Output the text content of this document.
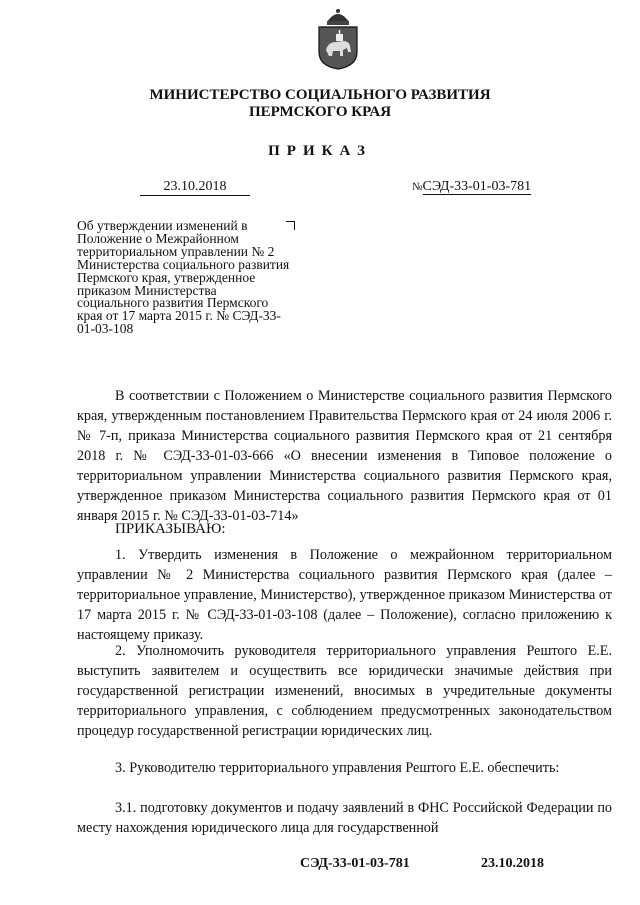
МИНИСТЕРСТВО СОЦИАЛЬНОГО РАЗВИТИЯ
ПЕРМСКОГО КРАЯ
ПРИКАЗ
23.10.2018	№СЭД-33-01-03-781
Об утверждении изменений в Положение о Межрайонном территориальном управлении № 2 Министерства социального развития Пермского края, утвержденное приказом Министерства социального развития Пермского края от 17 марта 2015 г. № СЭД-33-01-03-108
В соответствии с Положением о Министерстве социального развития Пермского края, утвержденным постановлением Правительства Пермского края от 24 июля 2006 г. № 7-п, приказа Министерства социального развития Пермского края от 21 сентября 2018 г. № СЭД-33-01-03-666 «О внесении изменения в Типовое положение о территориальном управлении Министерства социального развития Пермского края, утвержденное приказом Министерства социального развития Пермского края от 01 января 2015 г. № СЭД-33-01-03-714»
ПРИКАЗЫВАЮ:
1. Утвердить изменения в Положение о межрайонном территориальном управлении № 2 Министерства социального развития Пермского края (далее – территориальное управление, Министерство), утвержденное приказом Министерства от 17 марта 2015 г. № СЭД-33-01-03-108 (далее – Положение), согласно приложению к настоящему приказу.
2. Уполномочить руководителя территориального управления Рештого Е.Е. выступить заявителем и осуществить все юридически значимые действия при государственной регистрации изменений, вносимых в учредительные документы территориального управления, с соблюдением предусмотренных законодательством процедур государственной регистрации юридических лиц.
3. Руководителю территориального управления Рештого Е.Е. обеспечить:
3.1. подготовку документов и подачу заявлений в ФНС Российской Федерации по месту нахождения юридического лица для государственной
СЭД-33-01-03-781	23.10.2018
